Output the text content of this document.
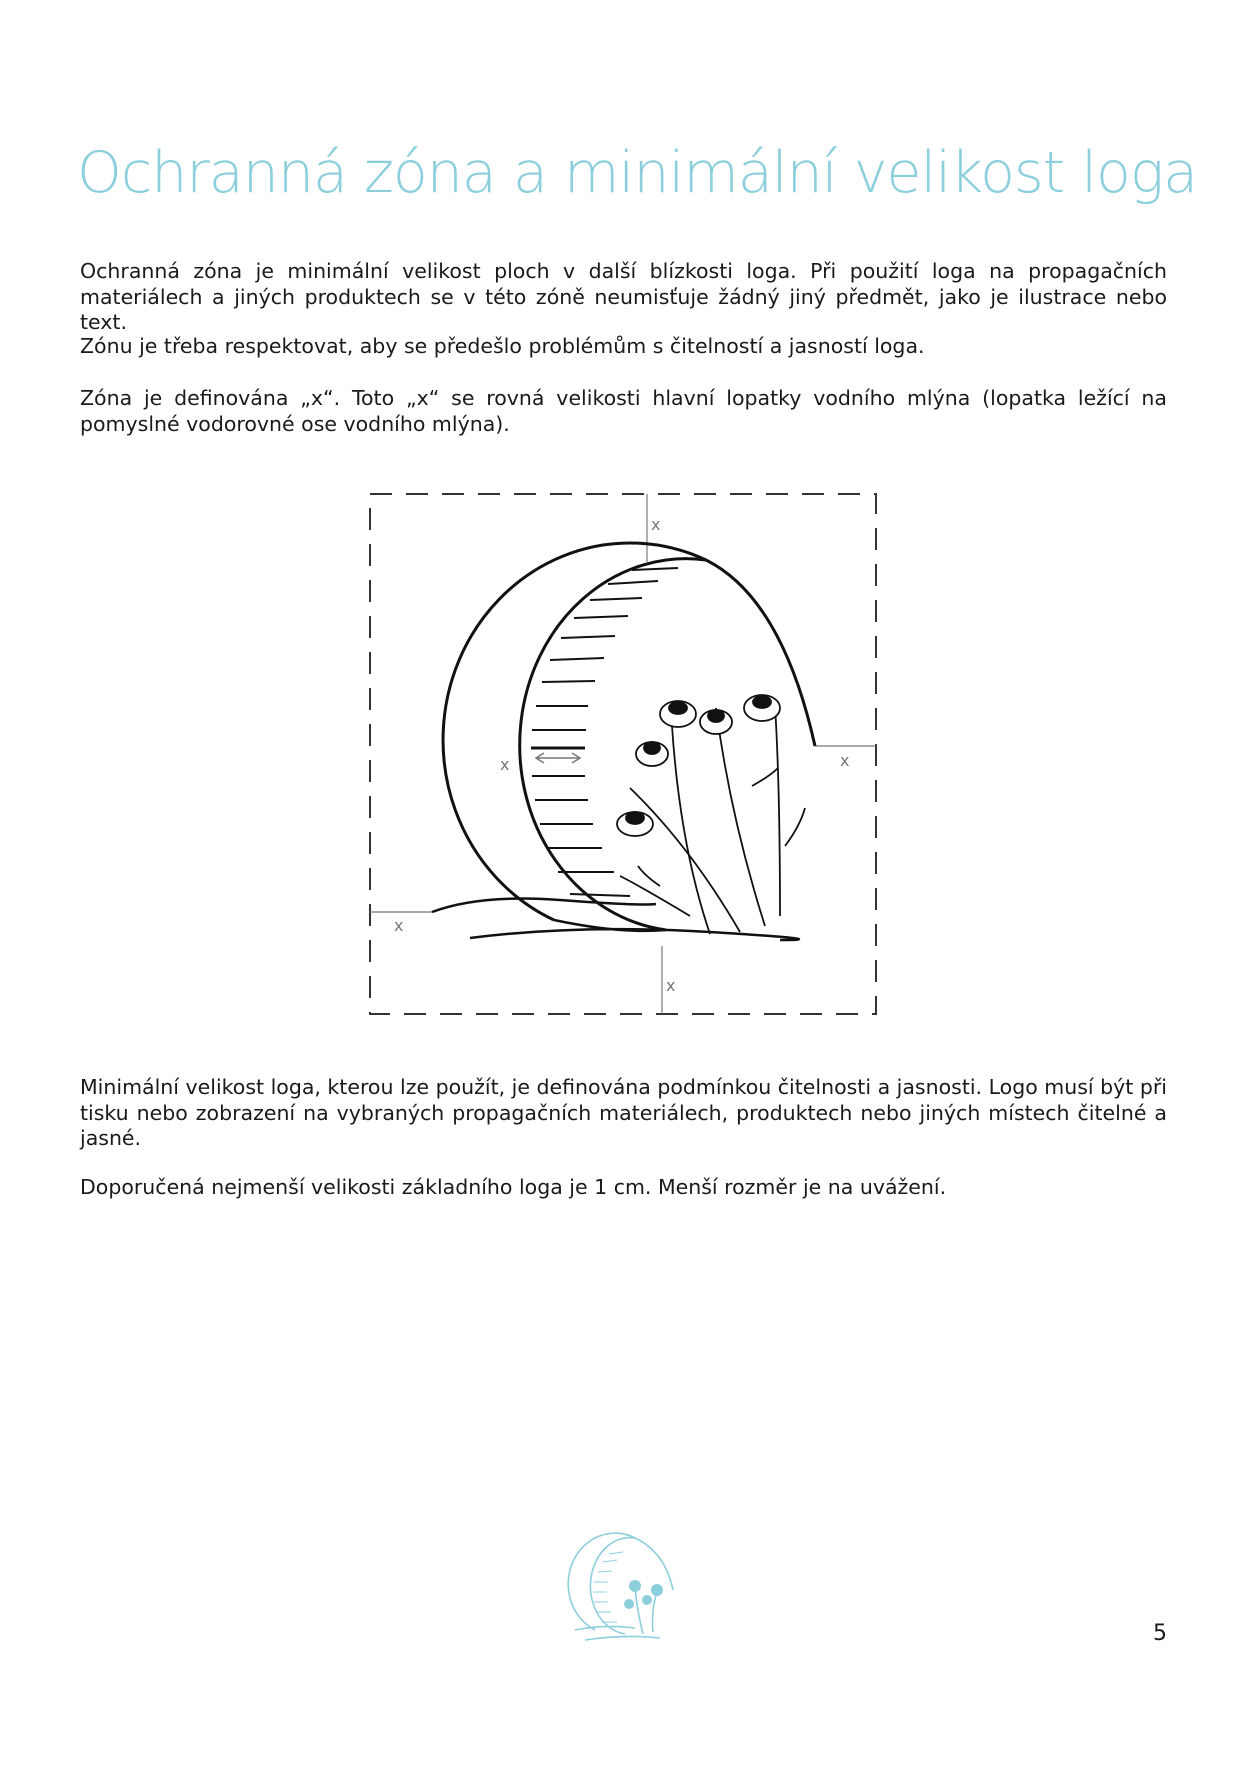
Ochranná zóna a minimální velikost loga

Ochranná zóna je minimální velikost ploch v další blízkosti loga. Při použití loga na propagačních materiálech a jiných produktech se v této zóně neumisťuje žádný jiný předmět, jako je ilustrace nebo text.

Zónu je třeba respektovat, aby se předešlo problémům s čitelností a jasností loga.

Zóna je definována „x“. Toto „x“ se rovná velikosti hlavní lopatky vodního mlýna (lopatka ležící na pomyslné vodorovné ose vodního mlýna).

x
x
x
x
x

Minimální velikost loga, kterou lze použít, je definována podmínkou čitelnosti a jasnosti. Logo musí být při tisku nebo zobrazení na vybraných propagačních materiálech, produktech nebo jiných místech čitelné a jasné.

Doporučená nejmenší velikosti základního loga je 1 cm. Menší rozměr je na uvážení.

5
